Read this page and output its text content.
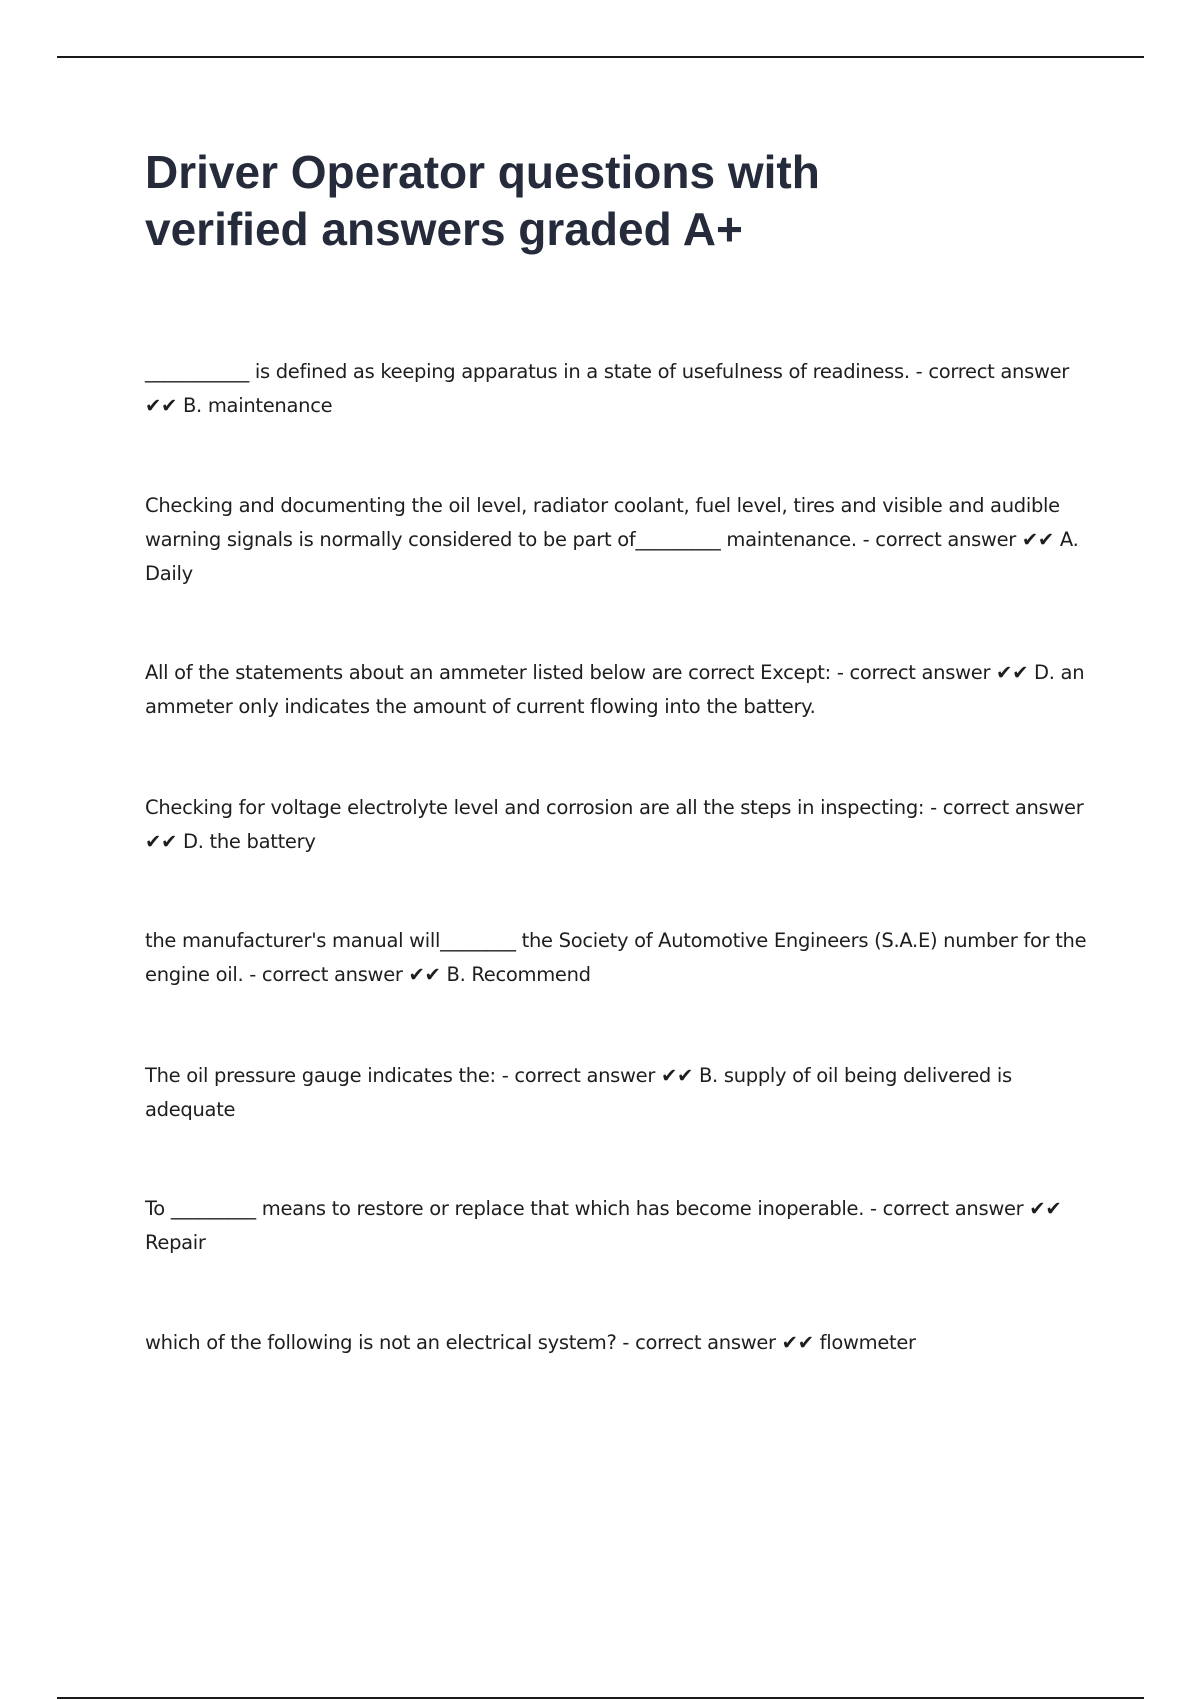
Driver Operator questions with verified answers graded A+

___________ is defined as keeping apparatus in a state of usefulness of readiness. - correct answer ✔✔ B. maintenance

Checking and documenting the oil level, radiator coolant, fuel level, tires and visible and audible warning signals is normally considered to be part of_________ maintenance. - correct answer ✔✔ A. Daily

All of the statements about an ammeter listed below are correct Except: - correct answer ✔✔ D. an ammeter only indicates the amount of current flowing into the battery.

Checking for voltage electrolyte level and corrosion are all the steps in inspecting: - correct answer ✔✔ D. the battery

the manufacturer's manual will________ the Society of Automotive Engineers (S.A.E) number for the engine oil. - correct answer ✔✔ B. Recommend

The oil pressure gauge indicates the: - correct answer ✔✔ B. supply of oil being delivered is adequate

To _________ means to restore or replace that which has become inoperable. - correct answer ✔✔ Repair

which of the following is not an electrical system? - correct answer ✔✔ flowmeter
